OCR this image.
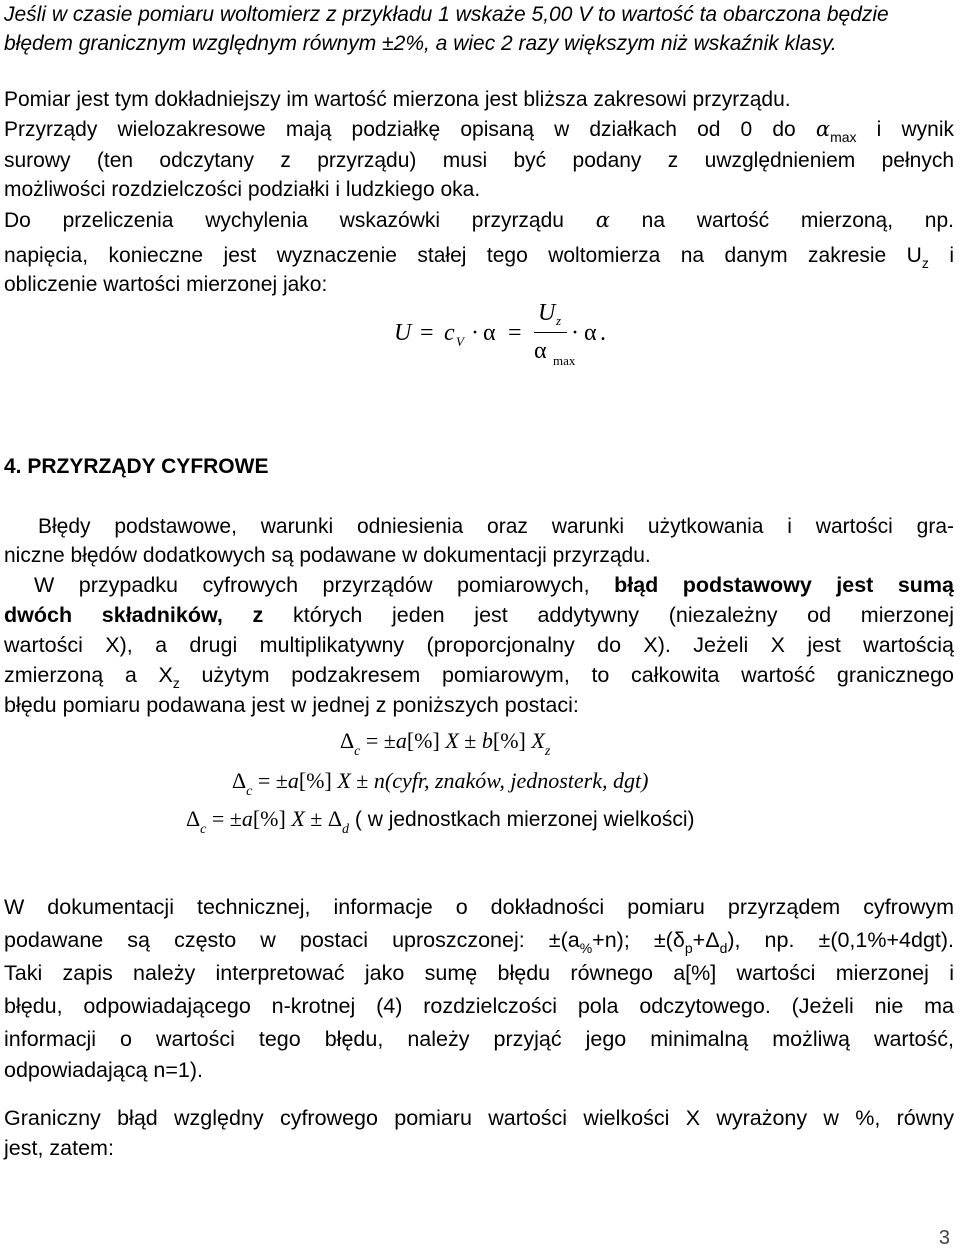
Jeśli w czasie pomiaru woltomierz z przykładu 1 wskaże 5,00 V to wartość ta obarczona będzie

błędem granicznym względnym równym ±2%, a wiec 2 razy większym niż wskaźnik klasy.

Pomiar jest tym dokładniejszy im wartość mierzona jest bliższa zakresowi przyrządu.

Przyrządy wielozakresowe mają podziałkę opisaną w działkach od 0 do $\alpha_{max}$ i wynik

surowy (ten odczytany z przyrządu) musi być podany z uwzględnieniem pełnych

możliwości rozdzielczości podziałki i ludzkiego oka.

Do przeliczenia wychylenia wskazówki przyrządu α na wartość mierzoną, np.

napięcia, konieczne jest wyznaczenie stałej tego woltomierza na danym zakresie $U_z$ i

obliczenie wartości mierzonej jako:

U = c V · α =
U z
α max
· α .

4. PRZYRZĄDY CYFROWE

Błędy podstawowe, warunki odniesienia oraz warunki użytkowania i wartości gra-

niczne błędów dodatkowych są podawane w dokumentacji przyrządu.

W przypadku cyfrowych przyrządów pomiarowych, błąd podstawowy jest sumą

dwóch składników, z których jeden jest addytywny (niezależny od mierzonej

wartości X), a drugi multiplikatywny (proporcjonalny do X). Jeżeli X jest wartością

zmierzoną a $X_z$ użytym podzakresem pomiarowym, to całkowita wartość granicznego

błędu pomiaru podawana jest w jednej z poniższych postaci:

$\Delta_c = \pm a[\%] X \pm b[\%]$ $X_z$
$\Delta_c = \pm a[\%] X$ ± n(cyfr, znaków, jednosterk, dgt)
$\Delta_c = \pm a[\%] X \pm \Delta_d$ ( w jednostkach mierzonej wielkości)

W dokumentacji technicznej, informacje o dokładności pomiaru przyrządem cyfrowym

podawane są często w postaci uproszczonej: $\pm(a_{\%}+n)$; $\pm(\delta_p+\Delta_d)$, np. ±(0,1%+4dgt).

Taki zapis należy interpretować jako sumę błędu równego a[%] wartości mierzonej i

błędu, odpowiadającego n-krotnej (4) rozdzielczości pola odczytowego. (Jeżeli nie ma

informacji o wartości tego błędu, należy przyjąć jego minimalną możliwą wartość,

odpowiadającą n=1).

Graniczny błąd względny cyfrowego pomiaru wartości wielkości X wyrażony w %, równy

jest, zatem:

3
